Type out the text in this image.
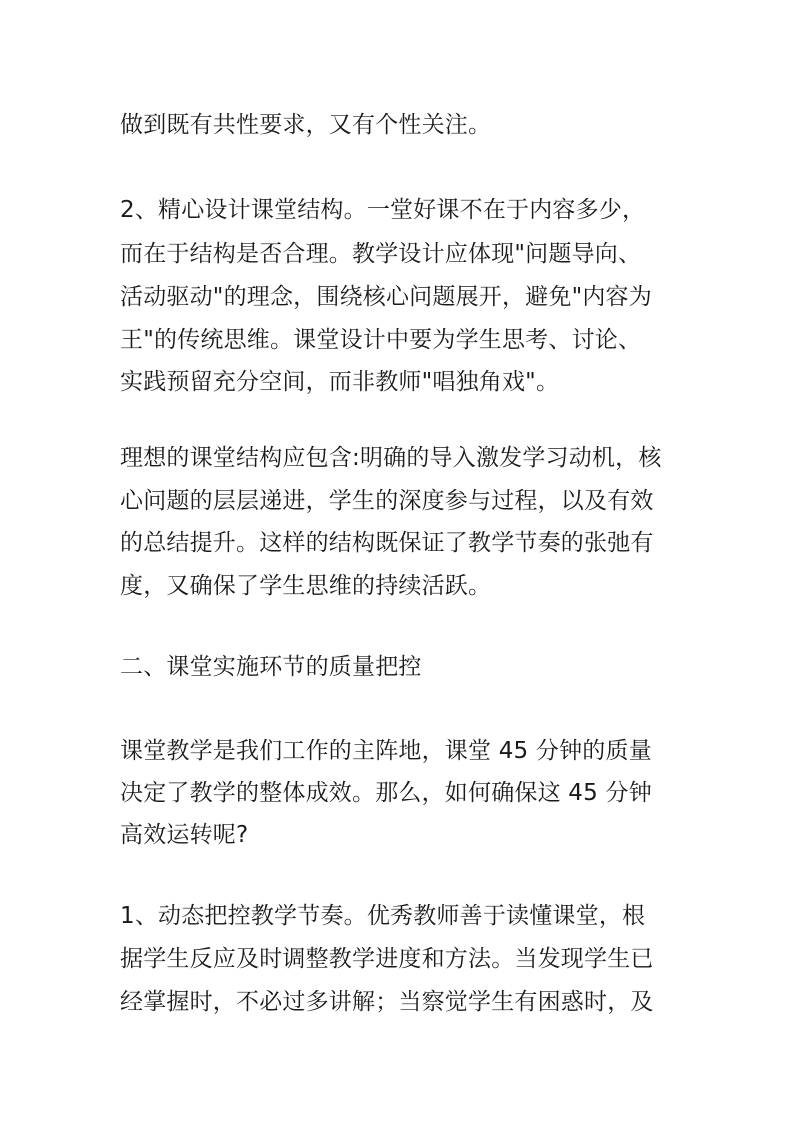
做到既有共性要求，又有个性关注。
2、精心设计课堂结构。一堂好课不在于内容多少，
而在于结构是否合理。教学设计应体现"问题导向、
活动驱动"的理念，围绕核心问题展开，避免"内容为
王"的传统思维。课堂设计中要为学生思考、讨论、
实践预留充分空间，而非教师"唱独角戏"。
理想的课堂结构应包含:明确的导入激发学习动机，核
心问题的层层递进，学生的深度参与过程，以及有效
的总结提升。这样的结构既保证了教学节奏的张弛有
度，又确保了学生思维的持续活跃。
二、课堂实施环节的质量把控
课堂教学是我们工作的主阵地，课堂 45 分钟的质量
决定了教学的整体成效。那么，如何确保这 45 分钟
高效运转呢?
1、动态把控教学节奏。优秀教师善于读懂课堂，根
据学生反应及时调整教学进度和方法。当发现学生已
经掌握时，不必过多讲解；当察觉学生有困惑时，及
